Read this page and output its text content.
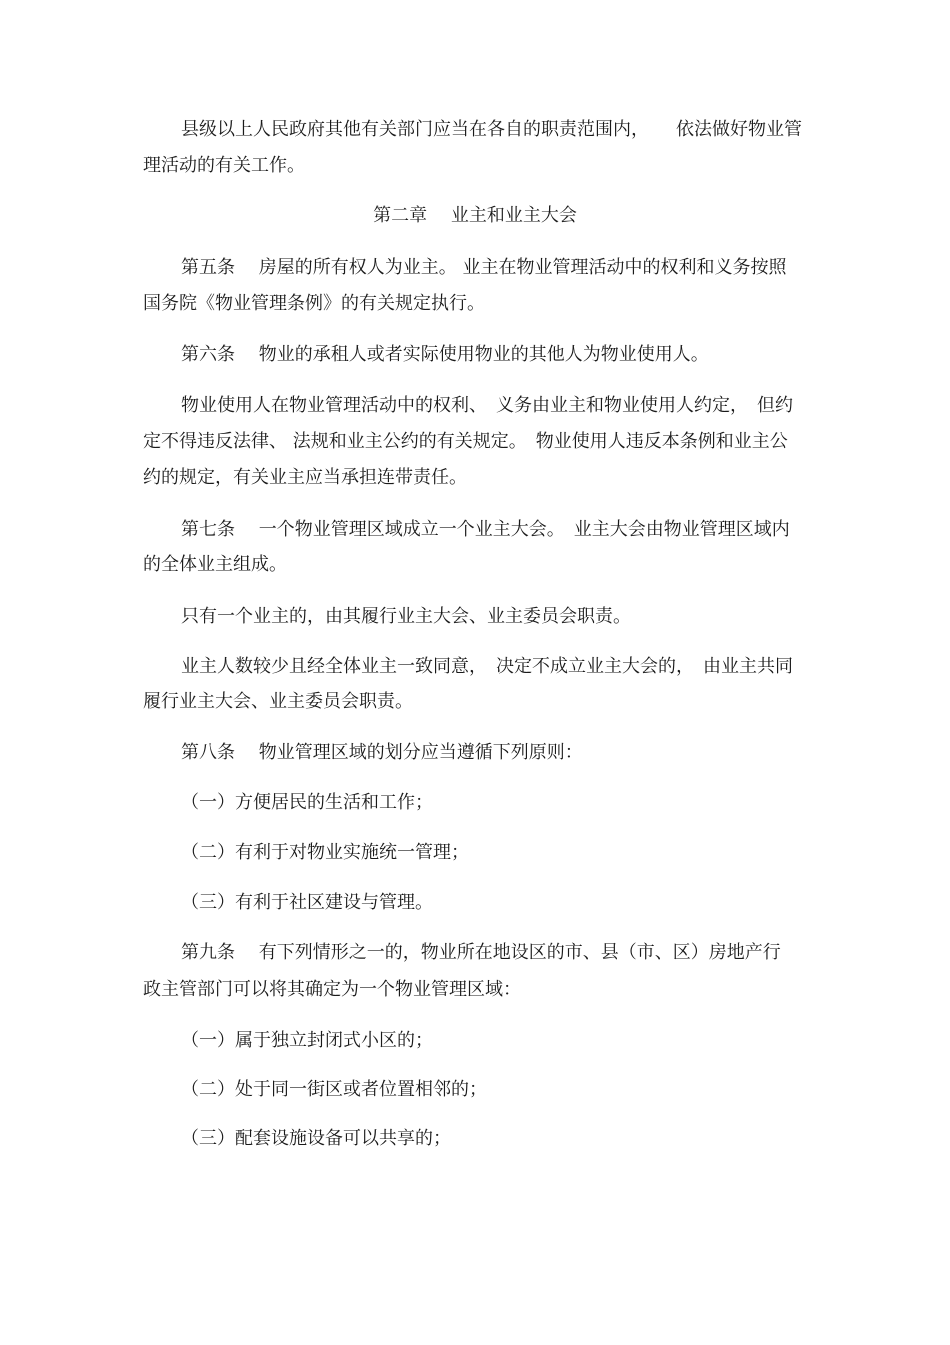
县级以上人民政府其他有关部门应当在各自的职责范围内，　　依法做好物业管
理活动的有关工作。
第二章　 业主和业主大会
第五条　 房屋的所有权人为业主。 业主在物业管理活动中的权利和义务按照
国务院《物业管理条例》的有关规定执行。
第六条　 物业的承租人或者实际使用物业的其他人为物业使用人。
物业使用人在物业管理活动中的权利、　义务由业主和物业使用人约定，　但约
定不得违反法律、 法规和业主公约的有关规定。　物业使用人违反本条例和业主公
约的规定，有关业主应当承担连带责任。
第七条　 一个物业管理区域成立一个业主大会。　业主大会由物业管理区域内
的全体业主组成。
只有一个业主的，由其履行业主大会、业主委员会职责。
业主人数较少且经全体业主一致同意，　决定不成立业主大会的，　由业主共同
履行业主大会、业主委员会职责。
第八条　 物业管理区域的划分应当遵循下列原则：
（一）方便居民的生活和工作；
（二）有利于对物业实施统一管理；
（三）有利于社区建设与管理。
第九条　 有下列情形之一的，物业所在地设区的市、县（市、区）房地产行
政主管部门可以将其确定为一个物业管理区域：
（一）属于独立封闭式小区的；
（二）处于同一街区或者位置相邻的；
（三）配套设施设备可以共享的；
